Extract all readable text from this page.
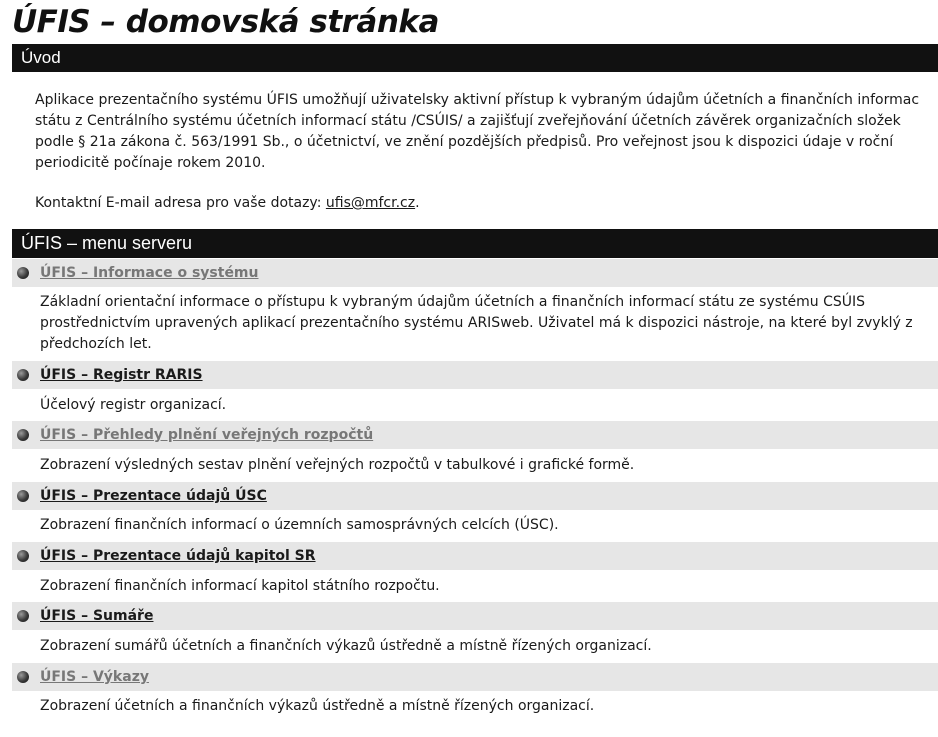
ÚFIS – domovská stránka
Úvod
Aplikace prezentačního systému ÚFIS umožňují uživatelsky aktivní přístup k vybraným údajům účetních a finančních informac
státu z Centrálního systému účetních informací státu /CSÚIS/ a zajišťují zveřejňování účetních závěrek organizačních složek
podle § 21a zákona č. 563/1991 Sb., o účetnictví, ve znění pozdějších předpisů. Pro veřejnost jsou k dispozici údaje v roční
periodicitě počínaje rokem 2010.
Kontaktní E-mail adresa pro vaše dotazy: ufis@mfcr.cz.
ÚFIS – menu serveru
ÚFIS – Informace o systému
Základní orientační informace o přístupu k vybraným údajům účetních a finančních informací státu ze systému CSÚIS
prostřednictvím upravených aplikací prezentačního systému ARISweb. Uživatel má k dispozici nástroje, na které byl zvyklý z
předchozích let.
ÚFIS – Registr RARIS
Účelový registr organizací.
ÚFIS – Přehledy plnění veřejných rozpočtů
Zobrazení výsledných sestav plnění veřejných rozpočtů v tabulkové i grafické formě.
ÚFIS – Prezentace údajů ÚSC
Zobrazení finančních informací o územních samosprávných celcích (ÚSC).
ÚFIS – Prezentace údajů kapitol SR
Zobrazení finančních informací kapitol státního rozpočtu.
ÚFIS – Sumáře
Zobrazení sumářů účetních a finančních výkazů ústředně a místně řízených organizací.
ÚFIS – Výkazy
Zobrazení účetních a finančních výkazů ústředně a místně řízených organizací.
